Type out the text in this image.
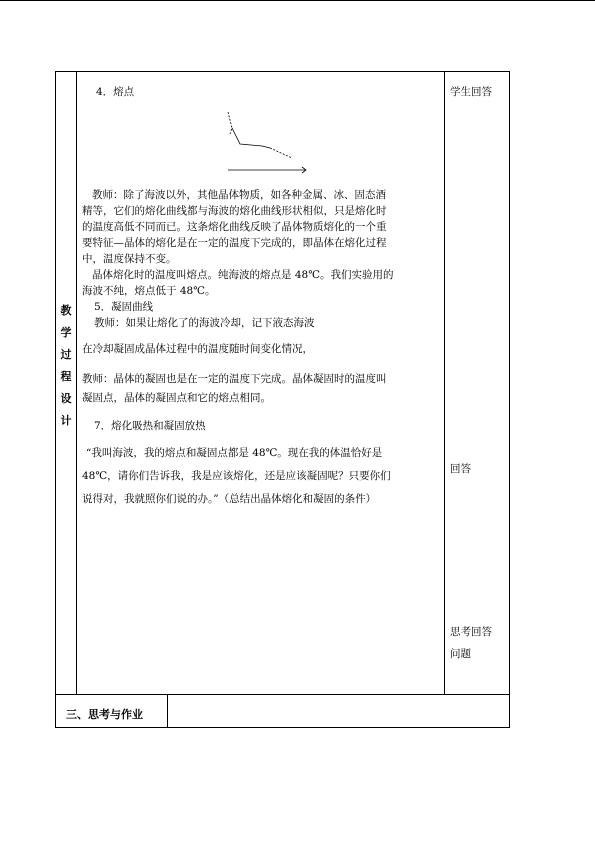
教
学
过
程
设
计
4．熔点
教师：除了海波以外，其他晶体物质，如各种金属、冰、固态酒
精等，它们的熔化曲线都与海波的熔化曲线形状相似，只是熔化时
的温度高低不同而已。这条熔化曲线反映了晶体物质熔化的一个重
要特征—晶体的熔化是在一定的温度下完成的，即晶体在熔化过程
中，温度保持不变。
晶体熔化时的温度叫熔点。纯海波的熔点是 48℃。我们实验用的
海波不纯，熔点低于 48℃。
5．凝固曲线
教师：如果让熔化了的海波冷却，记下液态海波
在冷却凝固成晶体过程中的温度随时间变化情况，
教师：晶体的凝固也是在一定的温度下完成。晶体凝固时的温度叫
凝固点，晶体的凝固点和它的熔点相同。
7．熔化吸热和凝固放热
“我叫海波，我的熔点和凝固点都是 48℃。现在我的体温恰好是
48℃，请你们告诉我，我是应该熔化，还是应该凝固呢？只要你们
说得对，我就照你们说的办。”（总结出晶体熔化和凝固的条件）
学生回答
回答
思考回答
问题
三、思考与作业
